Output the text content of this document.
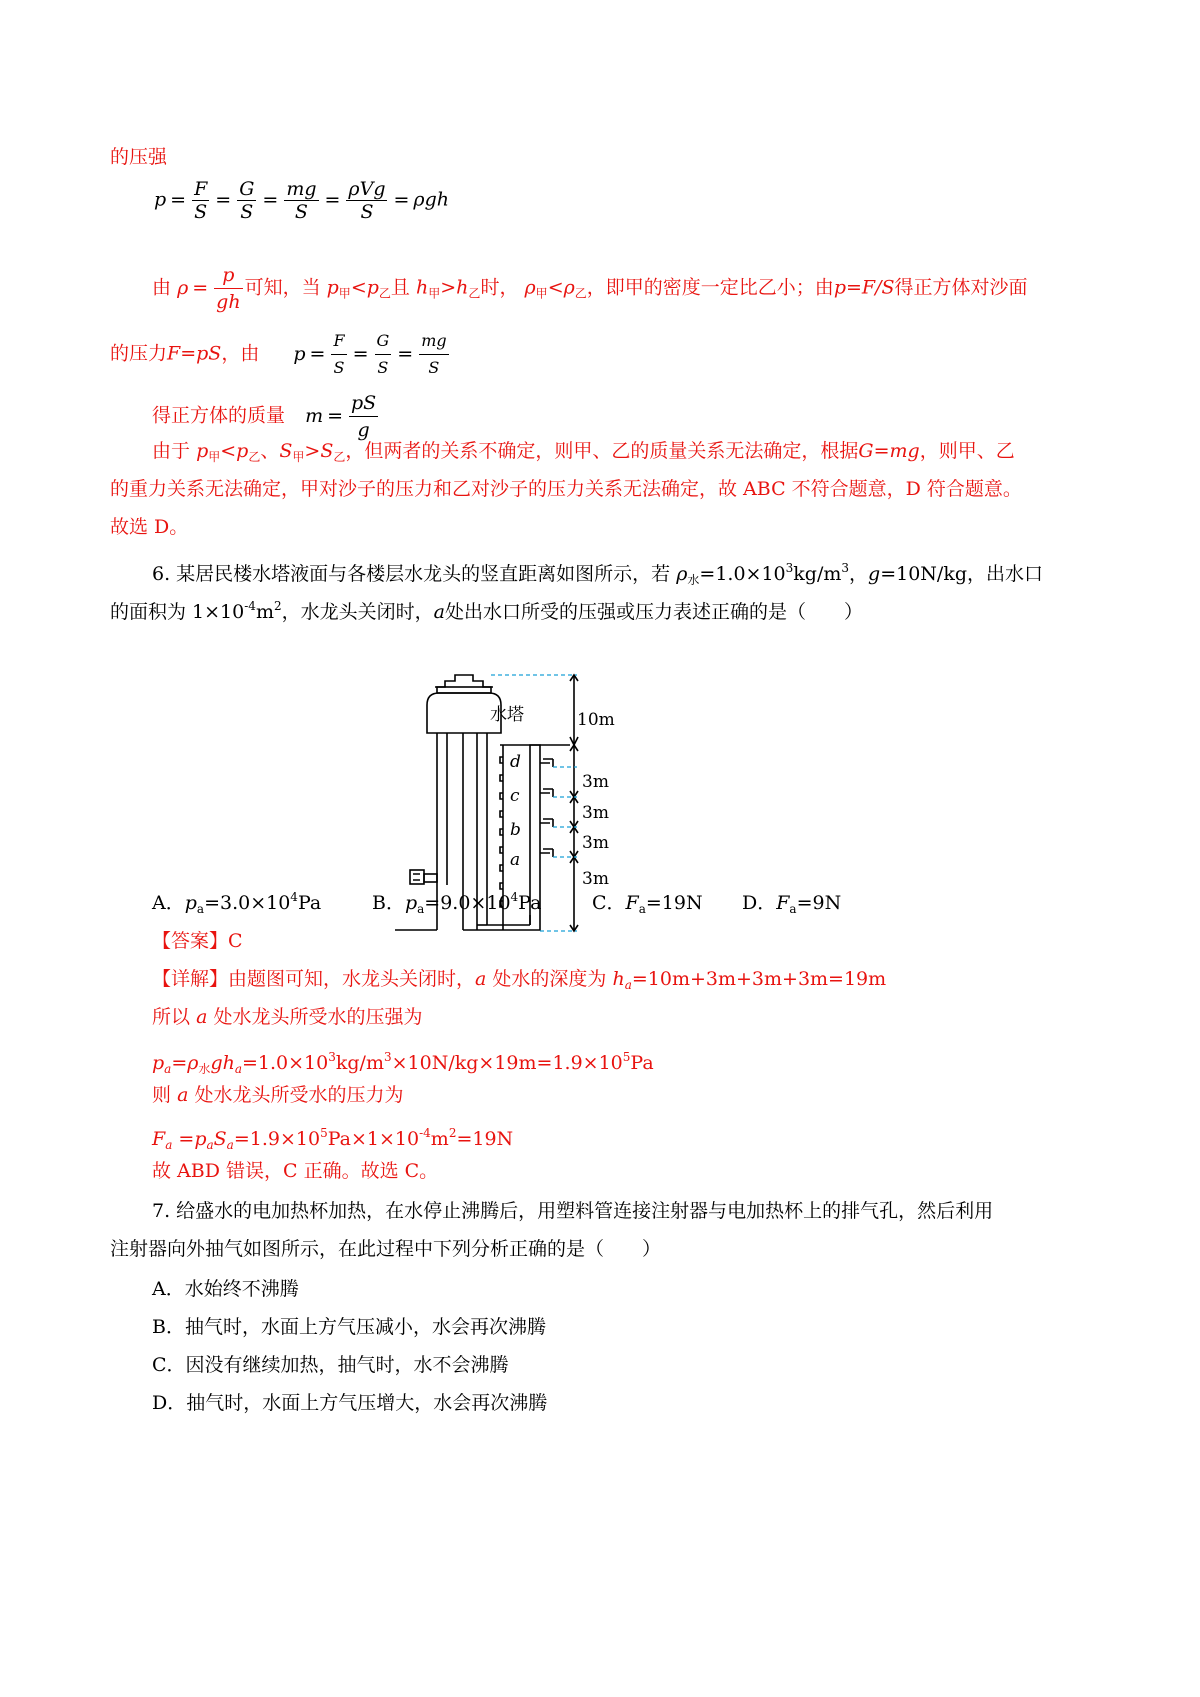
的压强
$p = \frac{F}{S} = \frac{G}{S} = \frac{mg}{S} = \frac{\text{ρVg}}{S} = \rho gh$
由 $\rho = \frac{p}{gh}$ 可知，当 $p_甲<p_乙$且 $h_甲>h_乙$时， $\rho_甲<\rho_乙$，即甲的密度一定比乙小；由p=F/S得正方体对沙面
的压力F=pS，由 $p = \frac{F}{S} = \frac{G}{S} = \frac{mg}{S}$
得正方体的质量 $m = \frac{pS}{g}$
由于 $p_甲<p_乙$、$S_甲>S_乙$，但两者的关系不确定，则甲、乙的质量关系无法确定，根据G=mg，则甲、乙
的重力关系无法确定，甲对沙子的压力和乙对沙子的压力关系无法确定，故 ABC 不符合题意，D 符合题意。
故选 D。
6. 某居民楼水塔液面与各楼层水龙头的竖直距离如图所示，若 $\rho_水=1.0\times 10^3kg/m^3$，g=10N/kg，出水口
的面积为 $1\times 10^{-4}m^2$，水龙头关闭时，a处出水口所受的压强或压力表述正确的是（　　）
水塔	10m
3m
3m
3m
3m
d
c
b
a
A．$p_a=3.0\times 10^4Pa$	B．$p_a=9.0\times 10^4Pa$	C．$F_a=19N$ D．$F_a=9N$
【答案】C
【详解】由题图可知，水龙头关闭时，a 处水的深度为 $h_a=10m+3m+3m+3m=19m$
所以 a 处水龙头所受水的压强为
$p_a=\rho_水gh_a=1.0\times 10^3kg/m^3\times 10N/kg\times 19m=1.9\times 10^5Pa$
则 a 处水龙头所受水的压力为
$F_a =p_aS_a=1.9\times 10^5Pa\times 1\times 10^{-4}m^2=19N$
故 ABD 错误，C 正确。故选 C。
7. 给盛水的电加热杯加热，在水停止沸腾后，用塑料管连接注射器与电加热杯上的排气孔，然后利用
注射器向外抽气如图所示，在此过程中下列分析正确的是（　　）
A．水始终不沸腾
B．抽气时，水面上方气压减小，水会再次沸腾
C．因没有继续加热，抽气时，水不会沸腾
D．抽气时，水面上方气压增大，水会再次沸腾
